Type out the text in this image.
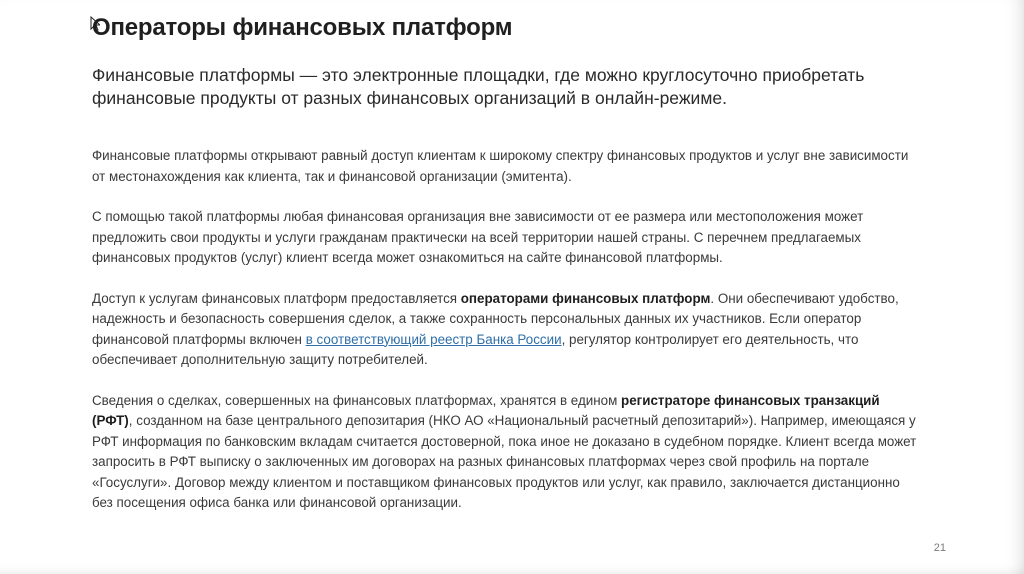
Операторы финансовых платформ

Финансовые платформы — это электронные площадки, где можно круглосуточно приобретать финансовые продукты от разных финансовых организаций в онлайн-режиме.

Финансовые платформы открывают равный доступ клиентам к широкому спектру финансовых продуктов и услуг вне зависимости от местонахождения как клиента, так и финансовой организации (эмитента).

С помощью такой платформы любая финансовая организация вне зависимости от ее размера или местоположения может предложить свои продукты и услуги гражданам практически на всей территории нашей страны. С перечнем предлагаемых финансовых продуктов (услуг) клиент всегда может ознакомиться на сайте финансовой платформы.

Доступ к услугам финансовых платформ предоставляется операторами финансовых платформ. Они обеспечивают удобство, надежность и безопасность совершения сделок, а также сохранность персональных данных их участников. Если оператор финансовой платформы включен в соответствующий реестр Банка России, регулятор контролирует его деятельность, что обеспечивает дополнительную защиту потребителей.

Сведения о сделках, совершенных на финансовых платформах, хранятся в едином регистраторе финансовых транзакций (РФТ), созданном на базе центрального депозитария (НКО АО «Национальный расчетный депозитарий»). Например, имеющаяся у РФТ информация по банковским вкладам считается достоверной, пока иное не доказано в судебном порядке. Клиент всегда может запросить в РФТ выписку о заключенных им договорах на разных финансовых платформах через свой профиль на портале «Госуслуги». Договор между клиентом и поставщиком финансовых продуктов или услуг, как правило, заключается дистанционно без посещения офиса банка или финансовой организации.

21
